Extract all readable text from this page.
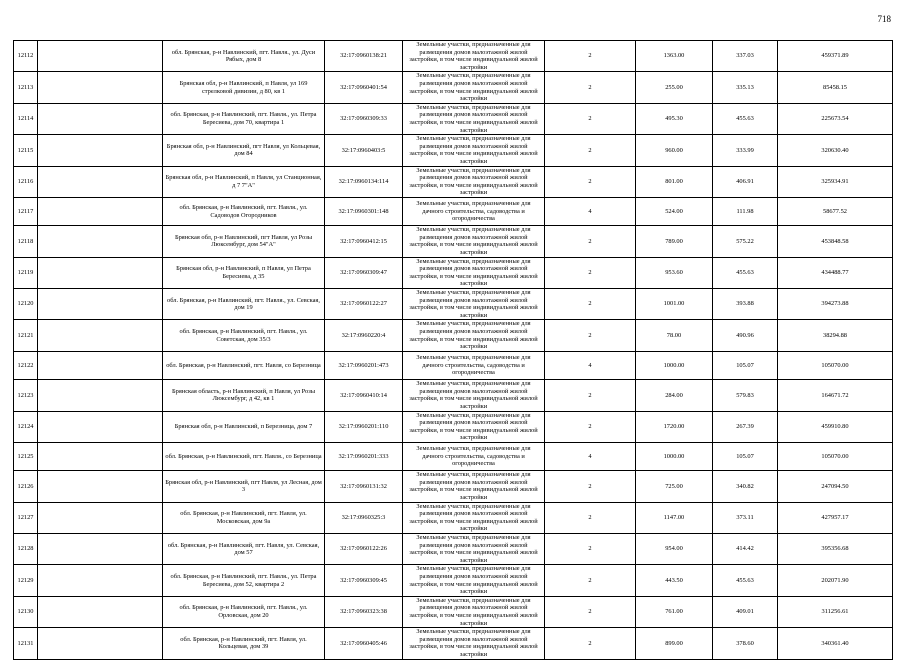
718
12112		обл. Брянская, р-н Навлинский, пгт. Навля., ул. Дуси Рябых, дом 8	32:17:0960138:21	Земельные участки, предназначенные для размещения домов малоэтажной жилой застройки, в том числе индивидуальной жилой застройки	2	1363.00	337.03	459371.89
12113		Брянская обл, р-н Навлинский, п Навля, ул 169 стрелковой дивизии, д 80, кв 1	32:17:0960401:54	Земельные участки, предназначенные для размещения домов малоэтажной жилой застройки, в том числе индивидуальной жилой застройки	2	255.00	335.13	85458.15
12114		обл. Брянская, р-н Навлинский, пгт. Навля., ул. Петра Бересиева, дом 70, квартира 1	32:17:0960309:33	Земельные участки, предназначенные для размещения домов малоэтажной жилой застройки, в том числе индивидуальной жилой застройки	2	495.30	455.63	225673.54
12115		Брянская обл, р-н Навлинский, пгт Навля, ул Кольцевая, дом 84	32:17:0960403:5	Земельные участки, предназначенные для размещения домов малоэтажной жилой застройки, в том числе индивидуальной жилой застройки	2	960.00	333.99	320630.40
12116		Брянская обл, р-н Навлинский, п Навля, ул Станционная, д 7 7"А"	32:17:0960134:114	Земельные участки, предназначенные для размещения домов малоэтажной жилой застройки, в том числе индивидуальной жилой застройки	2	801.00	406.91	325934.91
12117		обл. Брянская, р-н Навлинский, пгт. Навля., ул. Садоводов Огородников	32:17:0960301:148	Земельные участки, предназначенные для дачного строительства, садоводства и огородничества	4	524.00	111.98	58677.52
12118		Брянская обл, р-н Навлинский, пгт Навля, ул Розы Люксембург, дом 54"А"	32:17:0960412:15	Земельные участки, предназначенные для размещения домов малоэтажной жилой застройки, в том числе индивидуальной жилой застройки	2	789.00	575.22	453848.58
12119		Брянская обл, р-н Навлинский, п Навля, ул Петра Бересиева, д 35	32:17:0960309:47	Земельные участки, предназначенные для размещения домов малоэтажной жилой застройки, в том числе индивидуальной жилой застройки	2	953.60	455.63	434488.77
12120		обл. Брянская, р-н Навлинский, пгт. Навля., ул. Севская, дом 19	32:17:0960122:27	Земельные участки, предназначенные для размещения домов малоэтажной жилой застройки, в том числе индивидуальной жилой застройки	2	1001.00	393.88	394273.88
12121		обл. Брянская, р-н Навлинский, пгт. Навля., ул. Советская, дом 35/3	32:17:0960220:4	Земельные участки, предназначенные для размещения домов малоэтажной жилой застройки, в том числе индивидуальной жилой застройки	2	78.00	490.96	38294.88
12122		обл. Брянская, р-н Навлинский, пгт. Навля, со Березница	32:17:0960201:473	Земельные участки, предназначенные для дачного строительства, садоводства и огородничества	4	1000.00	105.07	105070.00
12123		Брянская область, р-н Навлинский, п Навля, ул Розы Люксембург, д 42, кв 1	32:17:0960410:14	Земельные участки, предназначенные для размещения домов малоэтажной жилой застройки, в том числе индивидуальной жилой застройки	2	284.00	579.83	164671.72
12124		Брянская обл, р-н Навлинский, п Березница, дом 7	32:17:0960201:110	Земельные участки, предназначенные для размещения домов малоэтажной жилой застройки, в том числе индивидуальной жилой застройки	2	1720.00	267.39	459910.80
12125		обл. Брянская, р-н Навлинский, пгт. Навля., со Березница	32:17:0960201:333	Земельные участки, предназначенные для дачного строительства, садоводства и огородничества	4	1000.00	105.07	105070.00
12126		Брянская обл, р-н Навлинский, пгт Навля, ул Лесная, дом 3	32:17:0960131:32	Земельные участки, предназначенные для размещения домов малоэтажной жилой застройки, в том числе индивидуальной жилой застройки	2	725.00	340.82	247094.50
12127		обл. Брянская, р-н Навлинский, пгт. Навля, ул. Московская, дом 9а	32:17:0960325:3	Земельные участки, предназначенные для размещения домов малоэтажной жилой застройки, в том числе индивидуальной жилой застройки	2	1147.00	373.11	427957.17
12128		обл. Брянская, р-н Навлинский, пгт. Навля, ул. Севская, дом 57	32:17:0960122:26	Земельные участки, предназначенные для размещения домов малоэтажной жилой застройки, в том числе индивидуальной жилой застройки	2	954.00	414.42	395356.68
12129		обл. Брянская, р-н Навлинский, пгт. Навля., ул. Петра Бересиева, дом 52, квартира 2	32:17:0960309:45	Земельные участки, предназначенные для размещения домов малоэтажной жилой застройки, в том числе индивидуальной жилой застройки	2	443.50	455.63	202071.90
12130		обл. Брянская, р-н Навлинский, пгт. Навля., ул. Орловская, дом 20	32:17:0960323:38	Земельные участки, предназначенные для размещения домов малоэтажной жилой застройки, в том числе индивидуальной жилой застройки	2	761.00	409.01	311256.61
12131		обл. Брянская, р-н Навлинский, пгт. Навля, ул. Кольцевая, дом 39	32:17:0960405:46	Земельные участки, предназначенные для размещения домов малоэтажной жилой застройки, в том числе индивидуальной жилой застройки	2	899.00	378.60	340361.40
